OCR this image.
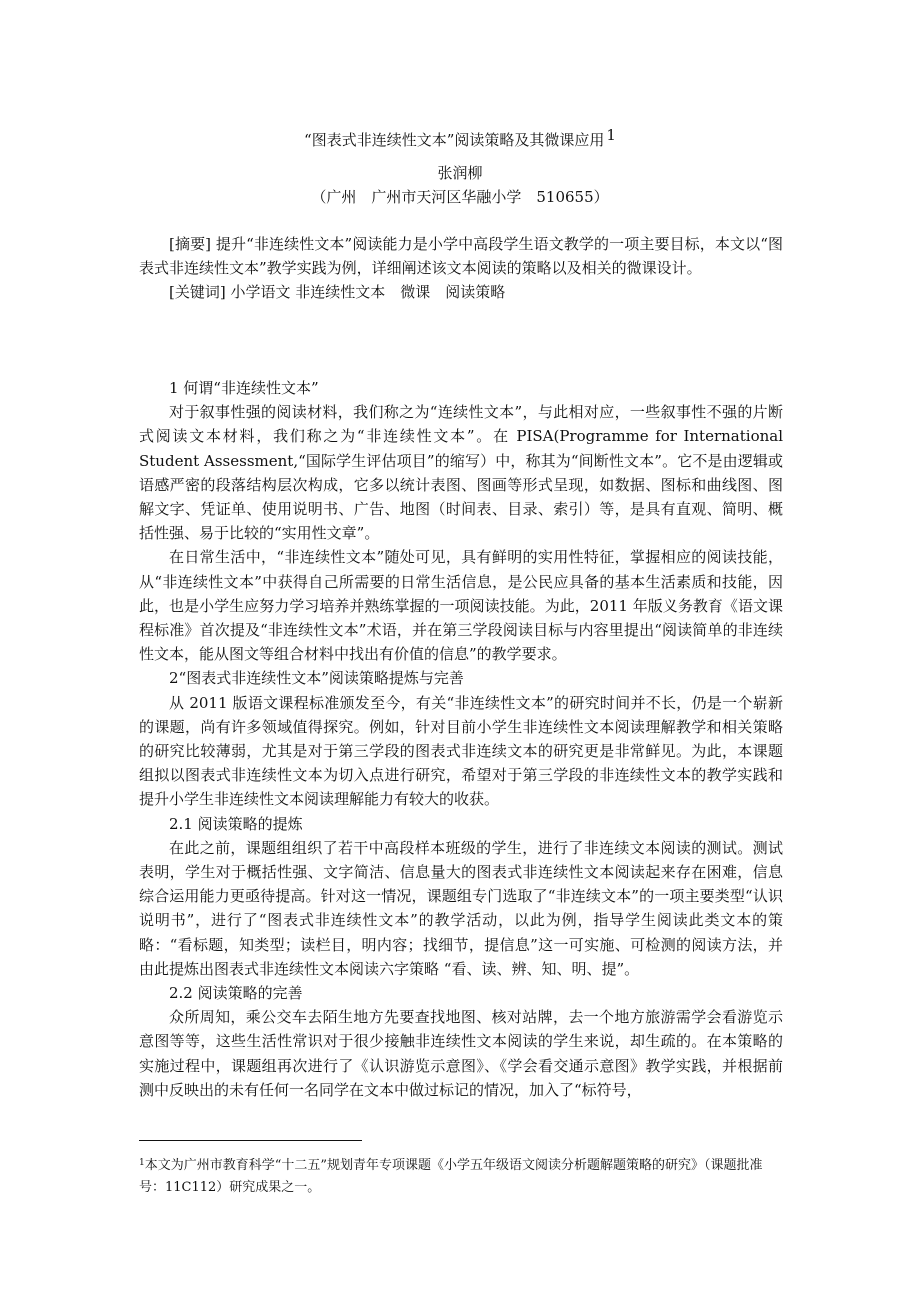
“图表式非连续性文本”阅读策略及其微课应用 $^1$
张润柳
（广州　广州市天河区华融小学　510655）

[摘要] 提升“非连续性文本”阅读能力是小学中高段学生语文教学的一项主要目标，本文以“图表式非连续性文本”教学实践为例，详细阐述该文本阅读的策略以及相关的微课设计。

[关键词] 小学语文 非连续性文本　微课　阅读策略

1 何谓“非连续性文本”

对于叙事性强的阅读材料，我们称之为“连续性文本”，与此相对应，一些叙事性不强的片断式阅读文本材料，我们称之为“非连续性文本”。在 PISA(Programme for International Student Assessment,“国际学生评估项目”的缩写）中，称其为“间断性文本”。它不是由逻辑或语感严密的段落结构层次构成，它多以统计表图、图画等形式呈现，如数据、图标和曲线图、图解文字、凭证单、使用说明书、广告、地图（时间表、目录、索引）等，是具有直观、简明、概括性强、易于比较的“实用性文章”。

在日常生活中，“非连续性文本”随处可见，具有鲜明的实用性特征，掌握相应的阅读技能，从“非连续性文本”中获得自己所需要的日常生活信息，是公民应具备的基本生活素质和技能，因此，也是小学生应努力学习培养并熟练掌握的一项阅读技能。为此，2011 年版义务教育《语文课程标准》首次提及“非连续性文本”术语，并在第三学段阅读目标与内容里提出“阅读简单的非连续性文本，能从图文等组合材料中找出有价值的信息”的教学要求。

2“图表式非连续性文本”阅读策略提炼与完善

从 2011 版语文课程标准颁发至今，有关“非连续性文本”的研究时间并不长，仍是一个崭新的课题，尚有许多领域值得探究。例如，针对目前小学生非连续性文本阅读理解教学和相关策略的研究比较薄弱，尤其是对于第三学段的图表式非连续文本的研究更是非常鲜见。为此，本课题组拟以图表式非连续性文本为切入点进行研究，希望对于第三学段的非连续性文本的教学实践和提升小学生非连续性文本阅读理解能力有较大的收获。

2.1 阅读策略的提炼

在此之前，课题组组织了若干中高段样本班级的学生，进行了非连续文本阅读的测试。测试表明，学生对于概括性强、文字简洁、信息量大的图表式非连续性文本阅读起来存在困难，信息综合运用能力更亟待提高。针对这一情况，课题组专门选取了“非连续文本”的一项主要类型“认识说明书”，进行了“图表式非连续性文本”的教学活动，以此为例，指导学生阅读此类文本的策略：“看标题，知类型；读栏目，明内容；找细节，提信息”这一可实施、可检测的阅读方法，并由此提炼出图表式非连续性文本阅读六字策略 “看、读、辨、知、明、提”。

2.2 阅读策略的完善

众所周知，乘公交车去陌生地方先要查找地图、核对站牌，去一个地方旅游需学会看游览示意图等等，这些生活性常识对于很少接触非连续性文本阅读的学生来说，却生疏的。在本策略的实施过程中，课题组再次进行了《认识游览示意图》、《学会看交通示意图》教学实践，并根据前测中反映出的未有任何一名同学在文本中做过标记的情况，加入了“标符号，

$^1$本文为广州市教育科学“十二五”规划青年专项课题《小学五年级语文阅读分析题解题策略的研究》（课题批准号：11C112）研究成果之一。
